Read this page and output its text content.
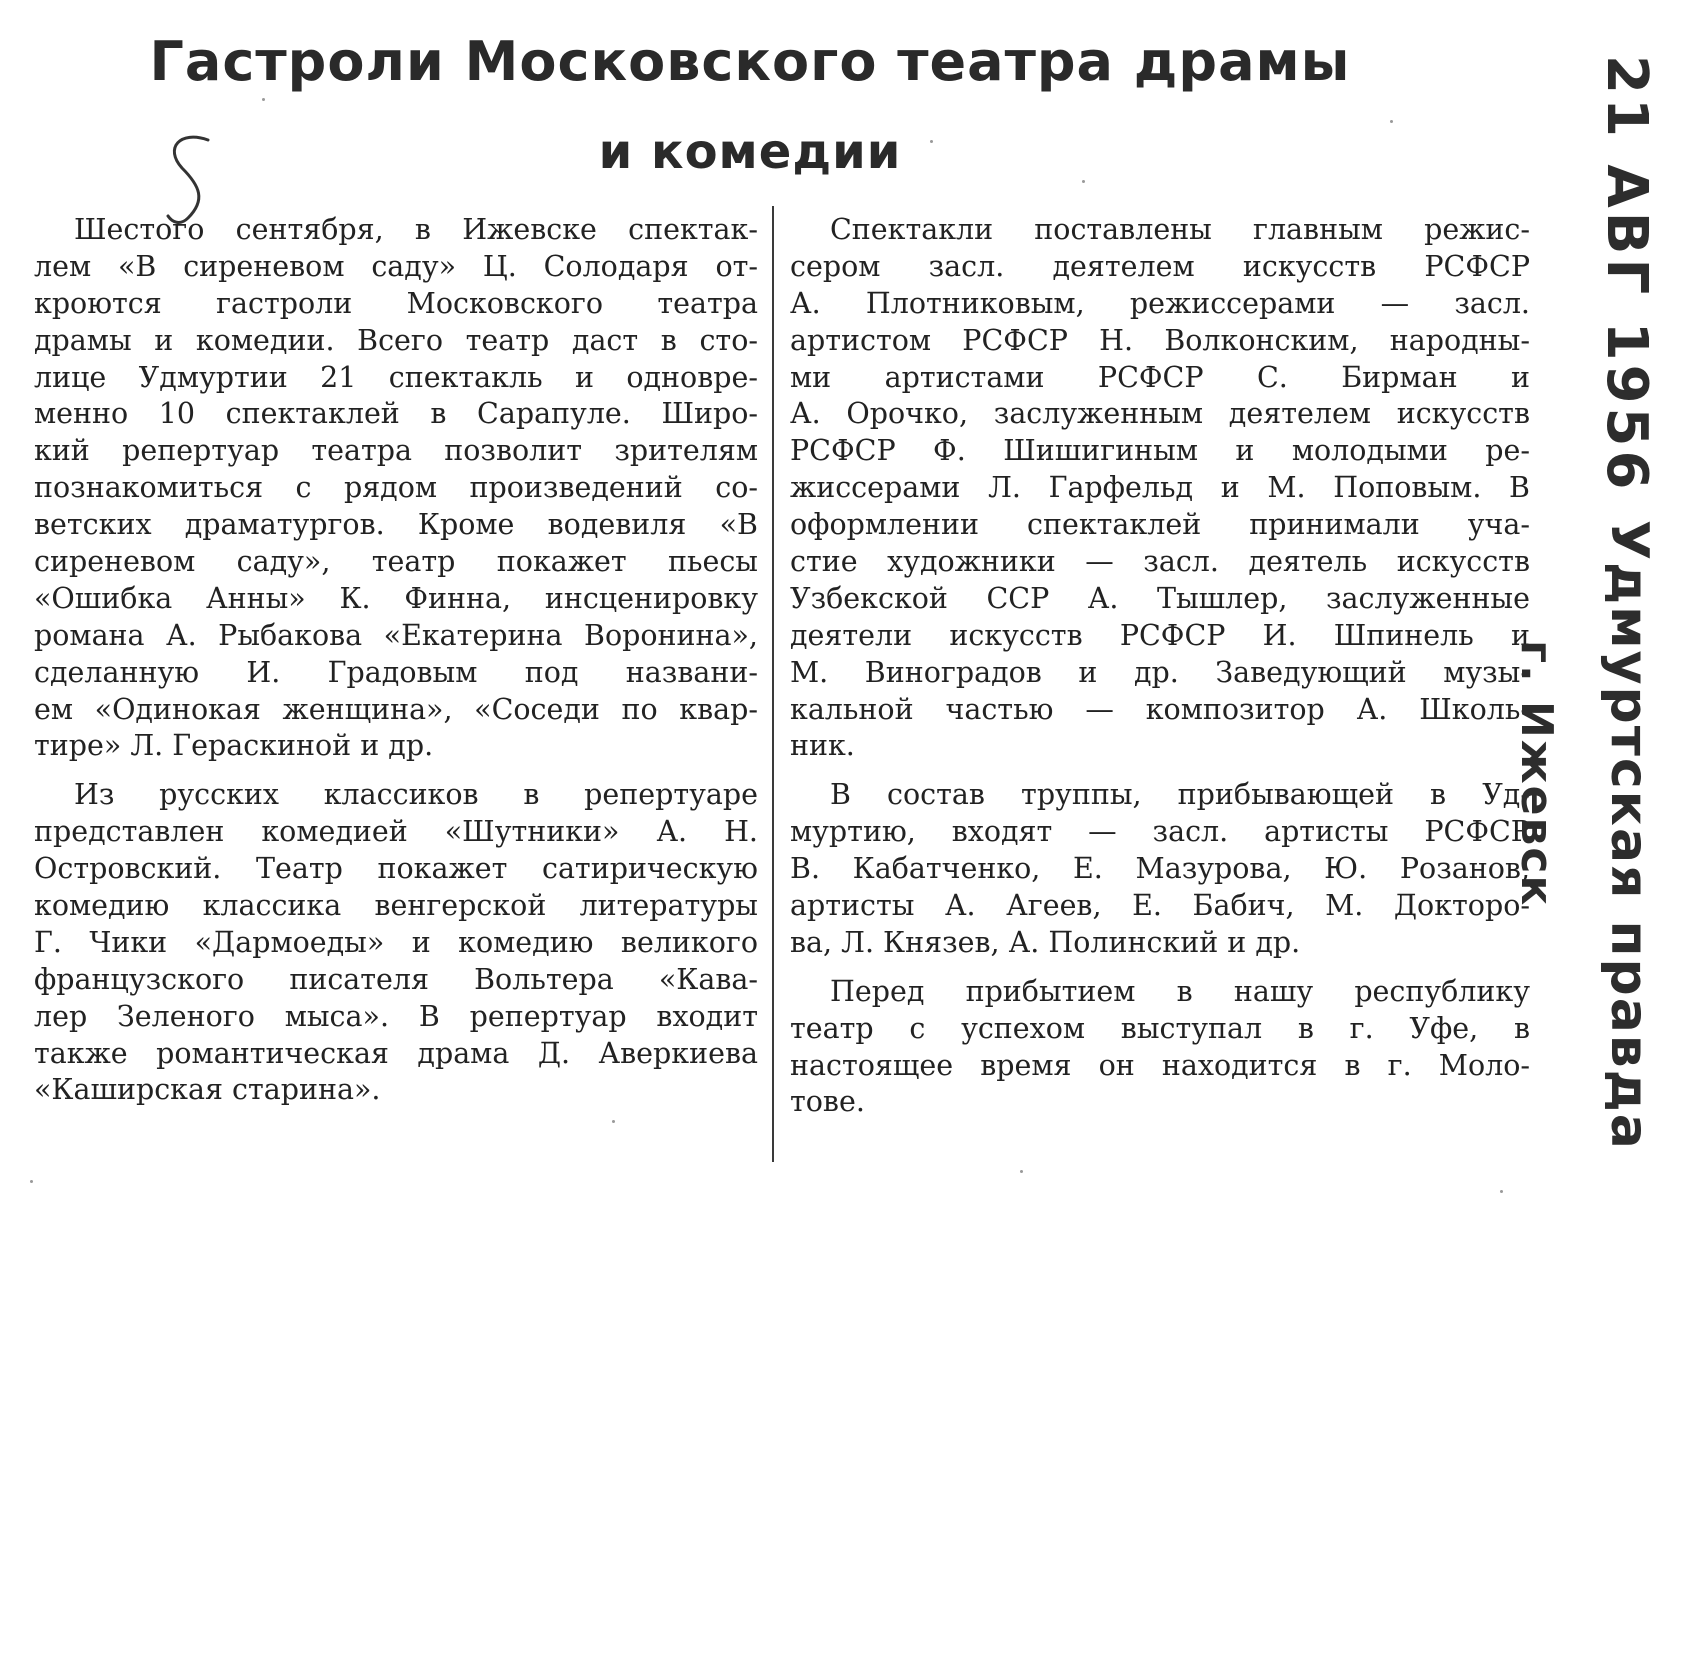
Гастроли Московского театра драмы
и комедии
Шестого сентября, в Ижевске спектак-
лем «В сиреневом саду» Ц. Солодаря от-
кроются гастроли Московского театра
драмы и комедии. Всего театр даст в сто-
лице Удмуртии 21 спектакль и одновре-
менно 10 спектаклей в Сарапуле. Широ-
кий репертуар театра позволит зрителям
познакомиться с рядом произведений со-
ветских драматургов. Кроме водевиля «В
сиреневом саду», театр покажет пьесы
«Ошибка Анны» К. Финна, инсценировку
романа А. Рыбакова «Екатерина Воронина»,
сделанную И. Градовым под названи-
ем «Одинокая женщина», «Соседи по квар-
тире» Л. Гераскиной и др.
Из русских классиков в репертуаре
представлен комедией «Шутники» А. Н.
Островский. Театр покажет сатирическую
комедию классика венгерской литературы
Г. Чики «Дармоеды» и комедию великого
французского писателя Вольтера «Кава-
лер Зеленого мыса». В репертуар входит
также романтическая драма Д. Аверкиева
«Каширская старина».
Спектакли поставлены главным режис-
сером засл. деятелем искусств РСФСР
А. Плотниковым, режиссерами — засл.
артистом РСФСР Н. Волконским, народны-
ми артистами РСФСР С. Бирман и
А. Орочко, заслуженным деятелем искусств
РСФСР Ф. Шишигиным и молодыми ре-
жиссерами Л. Гарфельд и М. Поповым. В
оформлении спектаклей принимали уча-
стие художники — засл. деятель искусств
Узбекской ССР А. Тышлер, заслуженные
деятели искусств РСФСР И. Шпинель и
М. Виноградов и др. Заведующий музы-
кальной частью — композитор А. Школь-
ник.
В состав труппы, прибывающей в Уд-
муртию, входят — засл. артисты РСФСР
В. Кабатченко, Е. Мазурова, Ю. Розанов,
артисты А. Агеев, Е. Бабич, М. Докторо-
ва, Л. Князев, А. Полинский и др.
Перед прибытием в нашу республику
театр с успехом выступал в г. Уфе, в
настоящее время он находится в г. Моло-
тове.
21 АВГ 1956
Удмуртская правда
г. Ижевск
